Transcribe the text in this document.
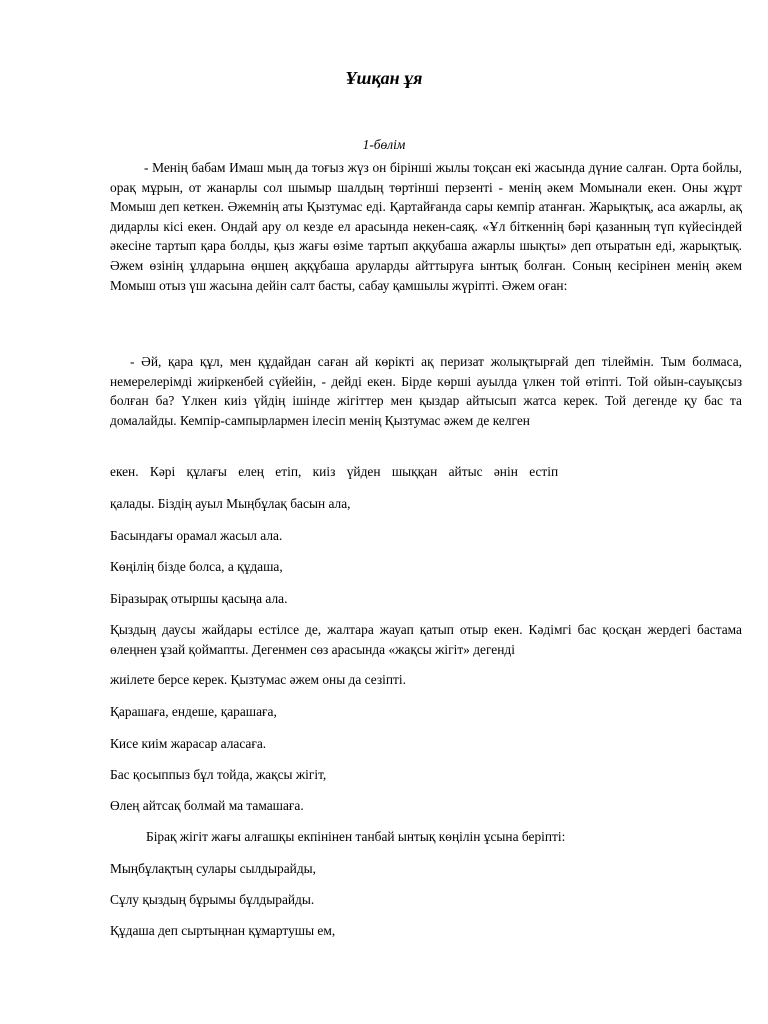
Ұшқан ұя
1-бөлім

- Менің бабам Имаш мың да тоғыз жүз он бірінші жылы тоқсан екі жасында дүние салған. Орта бойлы, орақ мұрын, от жанарлы сол шымыр шалдың төртінші перзенті - менің әкем Момынали екен. Оны жұрт Момыш деп кеткен. Әжемнің аты Қызтумас еді. Қартайғанда сары кемпір атанған. Жарықтық, аса ажарлы, ақ дидарлы кісі екен. Ондай ару ол кезде ел арасында некен-саяқ. «Ұл біткеннің бәрі қазанның түп күйесіндей әкесіне тартып қара болды, қыз жағы өзіме тартып аққубаша ажарлы шықты» деп отыратын еді, жарықтық. Әжем өзінің ұлдарына өңшең аққұбаша аруларды айттыруға ынтық болған. Соның кесірінен менің әкем Момыш отыз үш жасына дейін салт басты, сабау қамшылы жүріпті. Әжем оған:

- Әй, қара құл, мен құдайдан саған ай көрікті ақ перизат жолықтырғай деп тілеймін. Тым болмаса, немерелерімді жиіркенбей сүйейін, - дейді екен. Бірде көрші ауылда үлкен той өтіпті. Той ойын-сауықсыз болған ба? Үлкен киіз үйдің ішінде жігіттер мен қыздар айтысып жатса керек. Той дегенде қу бас та домалайды. Кемпір-сампырлармен ілесіп менің Қызтумас әжем де келген

екен. Кәрі құлағы елең етіп, киіз үйден шыққан айтыс әнін естіп

қалады. Біздің ауыл Мыңбұлақ басын ала,

Басындағы орамал жасыл ала.

Көңілің бізде болса, а құдаша,

Біразырақ отыршы қасыңа ала.

Қыздың даусы жайдары естілсе де, жалтара жауап қатып отыр екен. Кәдімгі бас қосқан жердегі бастама өлеңнен ұзай қоймапты. Дегенмен сөз арасында «жақсы жігіт» дегенді

жиілете берсе керек. Қызтумас әжем оны да сезіпті.

Қарашаға, ендеше, қарашаға,

Кисе киім жарасар аласаға.

Бас қосыппыз бұл тойда, жақсы жігіт,

Өлең айтсақ болмай ма тамашаға.

Бірақ жігіт жағы алғашқы екпінінен танбай ынтық көңілін ұсына беріпті:

Мыңбұлақтың сулары сылдырайды,

Сұлу қыздың бұрымы бұлдырайды.

Құдаша деп сыртыңнан құмартушы ем,
